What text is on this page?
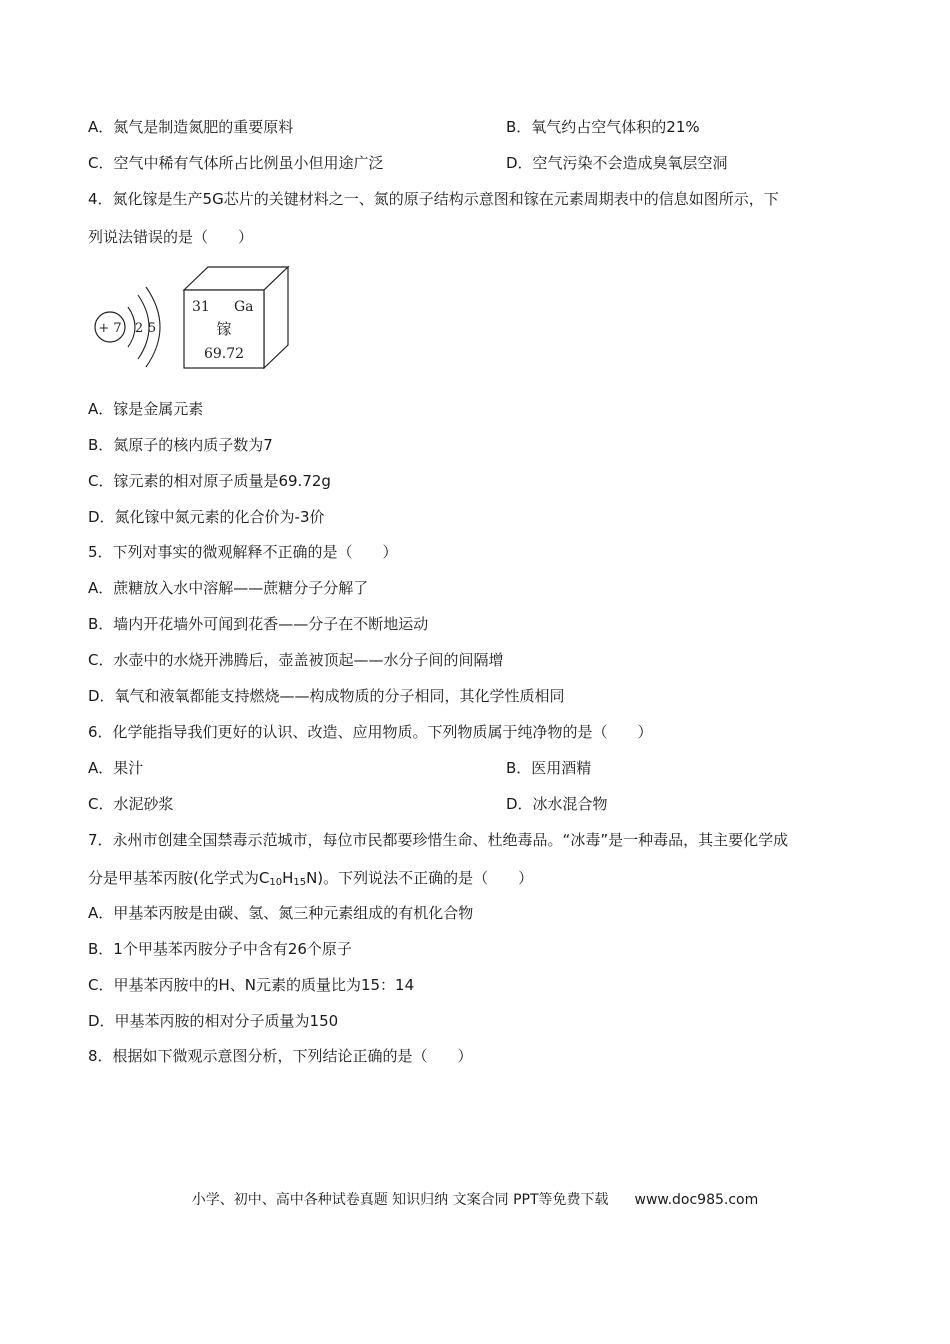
A．氮气是制造氮肥的重要原料	B．氧气约占空气体积的21%
C．空气中稀有气体所占比例虽小但用途广泛	D．空气污染不会造成臭氧层空洞
4．氮化镓是生产5G芯片的关键材料之一、氮的原子结构示意图和镓在元素周期表中的信息如图所示，下
列说法错误的是（　　）
+ 7 2 5
31 Ga
镓
69.72
A．镓是金属元素
B．氮原子的核内质子数为7
C．镓元素的相对原子质量是69.72g
D．氮化镓中氮元素的化合价为-3价
5．下列对事实的微观解释不正确的是（　　）
A．蔗糖放入水中溶解——蔗糖分子分解了
B．墙内开花墙外可闻到花香——分子在不断地运动
C．水壶中的水烧开沸腾后，壶盖被顶起——水分子间的间隔增
D．氧气和液氧都能支持燃烧——构成物质的分子相同，其化学性质相同
6．化学能指导我们更好的认识、改造、应用物质。下列物质属于纯净物的是（　　）
A．果汁	B．医用酒精
C．水泥砂浆	D．冰水混合物
7．永州市创建全国禁毒示范城市，每位市民都要珍惜生命、杜绝毒品。“冰毒”是一种毒品，其主要化学成
分是甲基苯丙胺(化学式为$C_{10}H_{15}N$)。下列说法不正确的是（　　）
A．甲基苯丙胺是由碳、氢、氮三种元素组成的有机化合物
B．1个甲基苯丙胺分子中含有26个原子
C．甲基苯丙胺中的H、N元素的质量比为15：14
D．甲基苯丙胺的相对分子质量为150
8．根据如下微观示意图分析，下列结论正确的是（　　）
小学、初中、高中各种试卷真题 知识归纳 文案合同 PPT等免费下载 www.doc985.com
